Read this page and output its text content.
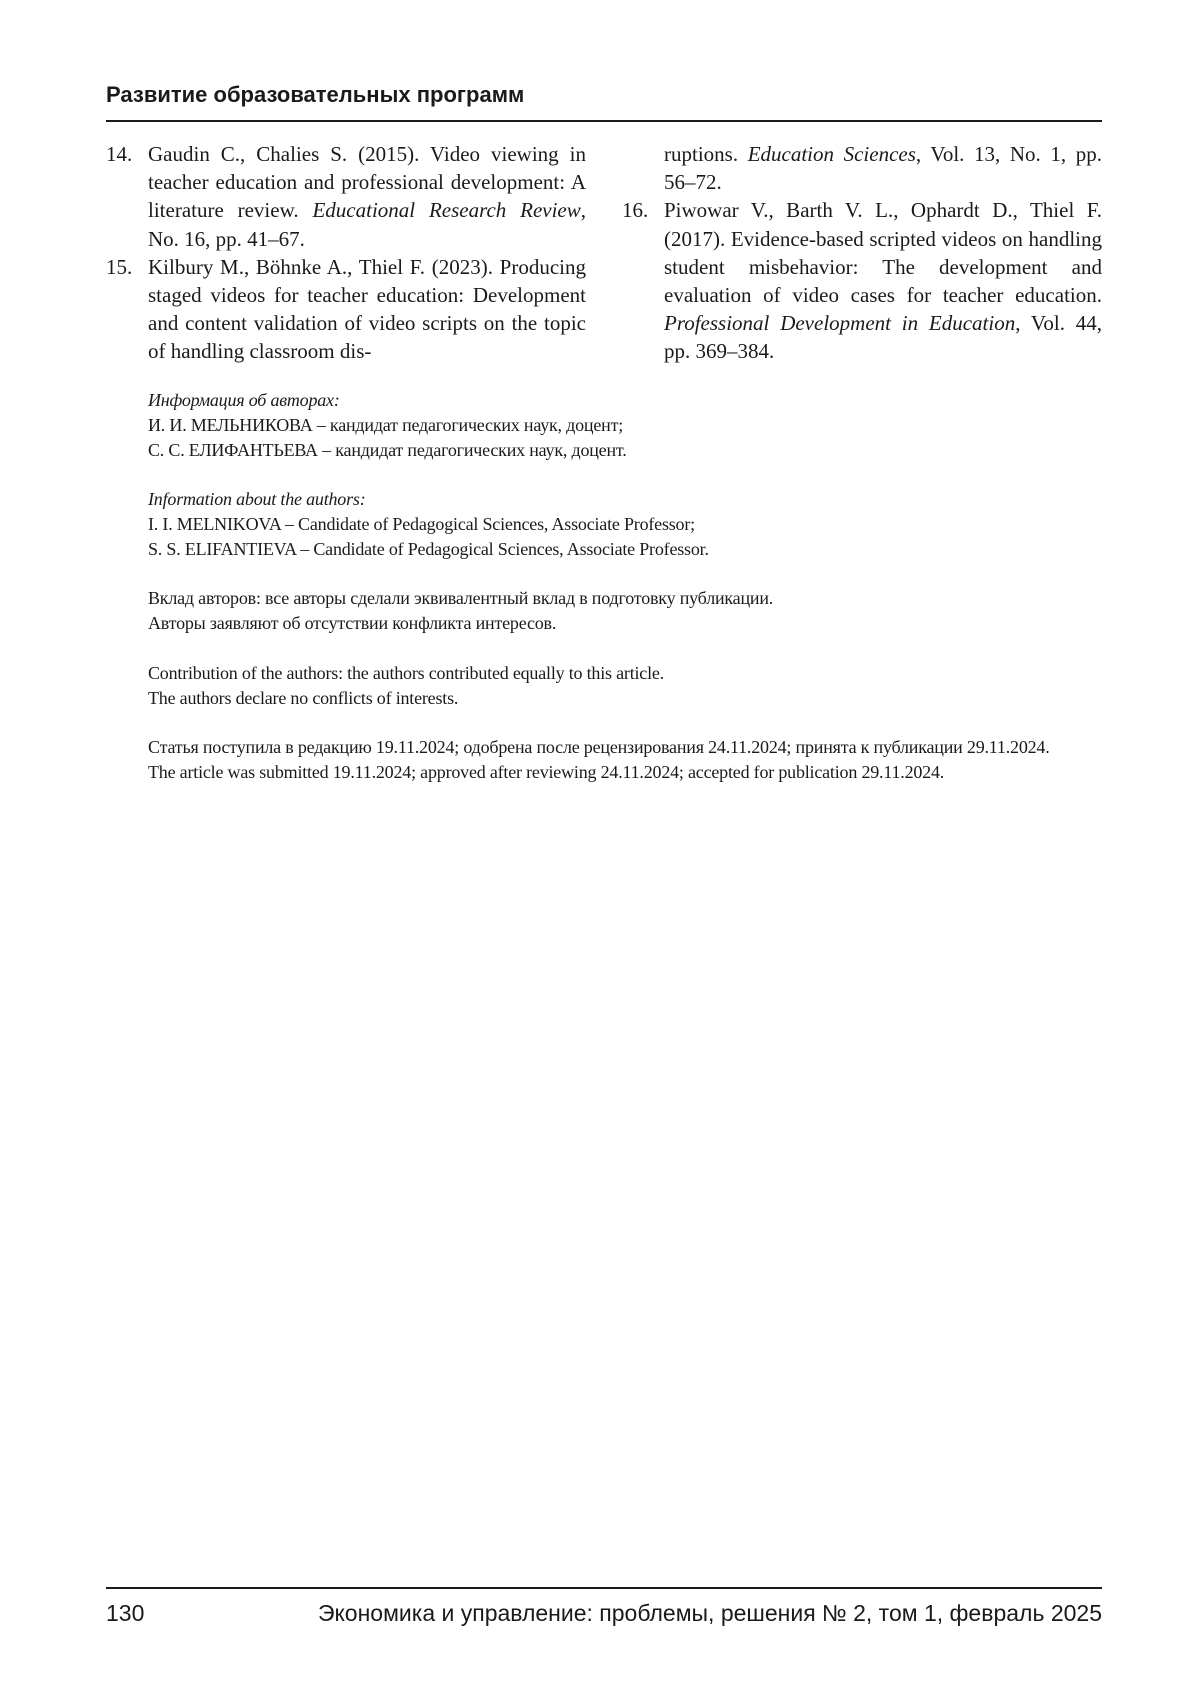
Развитие образовательных программ
14. Gaudin C., Chalies S. (2015). Video viewing in teacher education and professional development: A literature review. Educational Research Review, No. 16, pp. 41–67.
15. Kilbury M., Böhnke A., Thiel F. (2023). Producing staged videos for teacher education: Development and content validation of video scripts on the topic of handling classroom dis-
ruptions. Education Sciences, Vol. 13, No. 1, pp. 56–72.
16. Piwowar V., Barth V. L., Ophardt D., Thiel F. (2017). Evidence-based scripted videos on handling student misbehavior: The development and evaluation of video cases for teacher education. Professional Development in Education, Vol. 44, pp. 369–384.
Информация об авторах:
И. И. МЕЛЬНИКОВА – кандидат педагогических наук, доцент;
С. С. ЕЛИФАНТЬЕВА – кандидат педагогических наук, доцент.
Information about the authors:
I. I. MELNIKOVA – Candidate of Pedagogical Sciences, Associate Professor;
S. S. ELIFANTIEVA – Candidate of Pedagogical Sciences, Associate Professor.
Вклад авторов: все авторы сделали эквивалентный вклад в подготовку публикации.
Авторы заявляют об отсутствии конфликта интересов.
Contribution of the authors: the authors contributed equally to this article.
The authors declare no conflicts of interests.
Статья поступила в редакцию 19.11.2024; одобрена после рецензирования 24.11.2024; принята к публикации 29.11.2024.
The article was submitted 19.11.2024; approved after reviewing 24.11.2024; accepted for publication 29.11.2024.
130	Экономика и управление: проблемы, решения № 2, том 1, февраль 2025
